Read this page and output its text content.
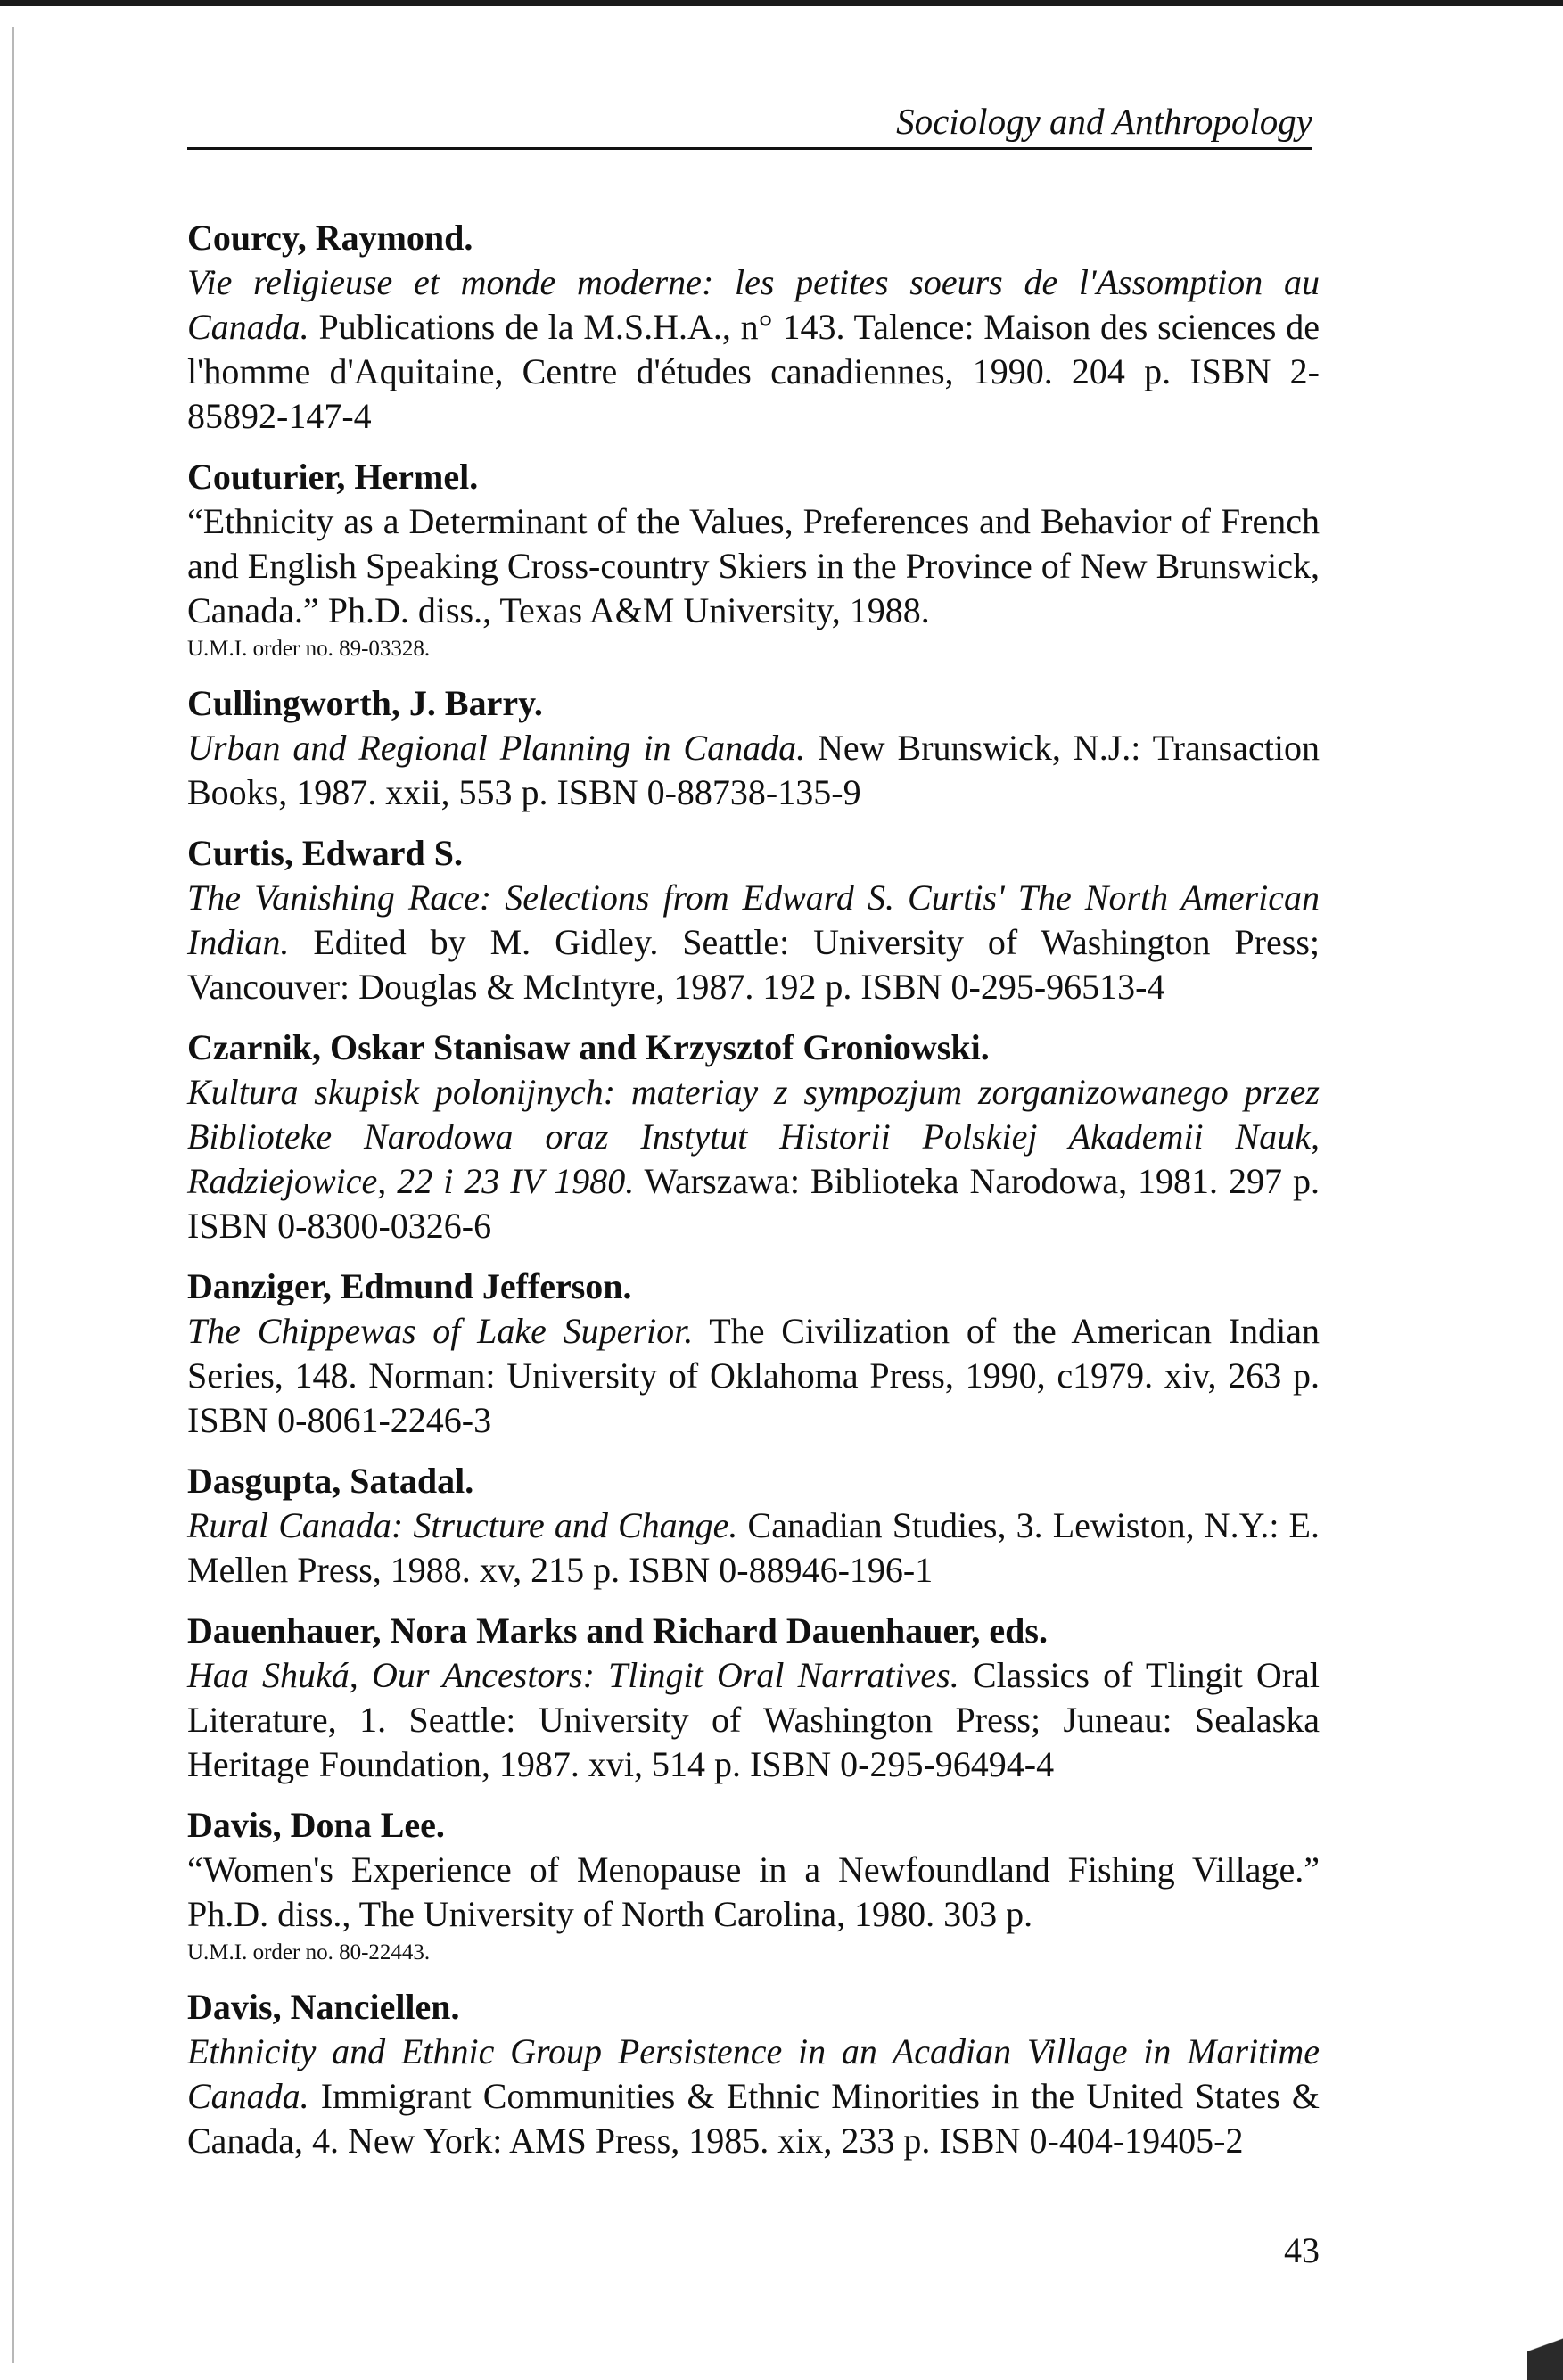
Sociology and Anthropology
Courcy, Raymond.
Vie religieuse et monde moderne: les petites soeurs de l'Assomption au Canada. Publications de la M.S.H.A., n° 143. Talence: Maison des sciences de l'homme d'Aquitaine, Centre d'études canadiennes, 1990. 204 p. ISBN 2-85892-147-4
Couturier, Hermel.
“Ethnicity as a Determinant of the Values, Preferences and Behavior of French and English Speaking Cross-country Skiers in the Province of New Brunswick, Canada.” Ph.D. diss., Texas A&M University, 1988.
U.M.I. order no. 89-03328.
Cullingworth, J. Barry.
Urban and Regional Planning in Canada. New Brunswick, N.J.: Transaction Books, 1987. xxii, 553 p. ISBN 0-88738-135-9
Curtis, Edward S.
The Vanishing Race: Selections from Edward S. Curtis' The North American Indian. Edited by M. Gidley. Seattle: University of Washington Press; Vancouver: Douglas & McIntyre, 1987. 192 p. ISBN 0-295-96513-4
Czarnik, Oskar Stanisaw and Krzysztof Groniowski.
Kultura skupisk polonijnych: materiay z sympozjum zorganizowanego przez Biblioteke Narodowa oraz Instytut Historii Polskiej Akademii Nauk, Radziejowice, 22 i 23 IV 1980. Warszawa: Biblioteka Narodowa, 1981. 297 p. ISBN 0-8300-0326-6
Danziger, Edmund Jefferson.
The Chippewas of Lake Superior. The Civilization of the American Indian Series, 148. Norman: University of Oklahoma Press, 1990, c1979. xiv, 263 p. ISBN 0-8061-2246-3
Dasgupta, Satadal.
Rural Canada: Structure and Change. Canadian Studies, 3. Lewiston, N.Y.: E. Mellen Press, 1988. xv, 215 p. ISBN 0-88946-196-1
Dauenhauer, Nora Marks and Richard Dauenhauer, eds.
Haa Shuká, Our Ancestors: Tlingit Oral Narratives. Classics of Tlingit Oral Literature, 1. Seattle: University of Washington Press; Juneau: Sealaska Heritage Foundation, 1987. xvi, 514 p. ISBN 0-295-96494-4
Davis, Dona Lee.
“Women's Experience of Menopause in a Newfoundland Fishing Village.” Ph.D. diss., The University of North Carolina, 1980. 303 p.
U.M.I. order no. 80-22443.
Davis, Nanciellen.
Ethnicity and Ethnic Group Persistence in an Acadian Village in Maritime Canada. Immigrant Communities & Ethnic Minorities in the United States & Canada, 4. New York: AMS Press, 1985. xix, 233 p. ISBN 0-404-19405-2
43
